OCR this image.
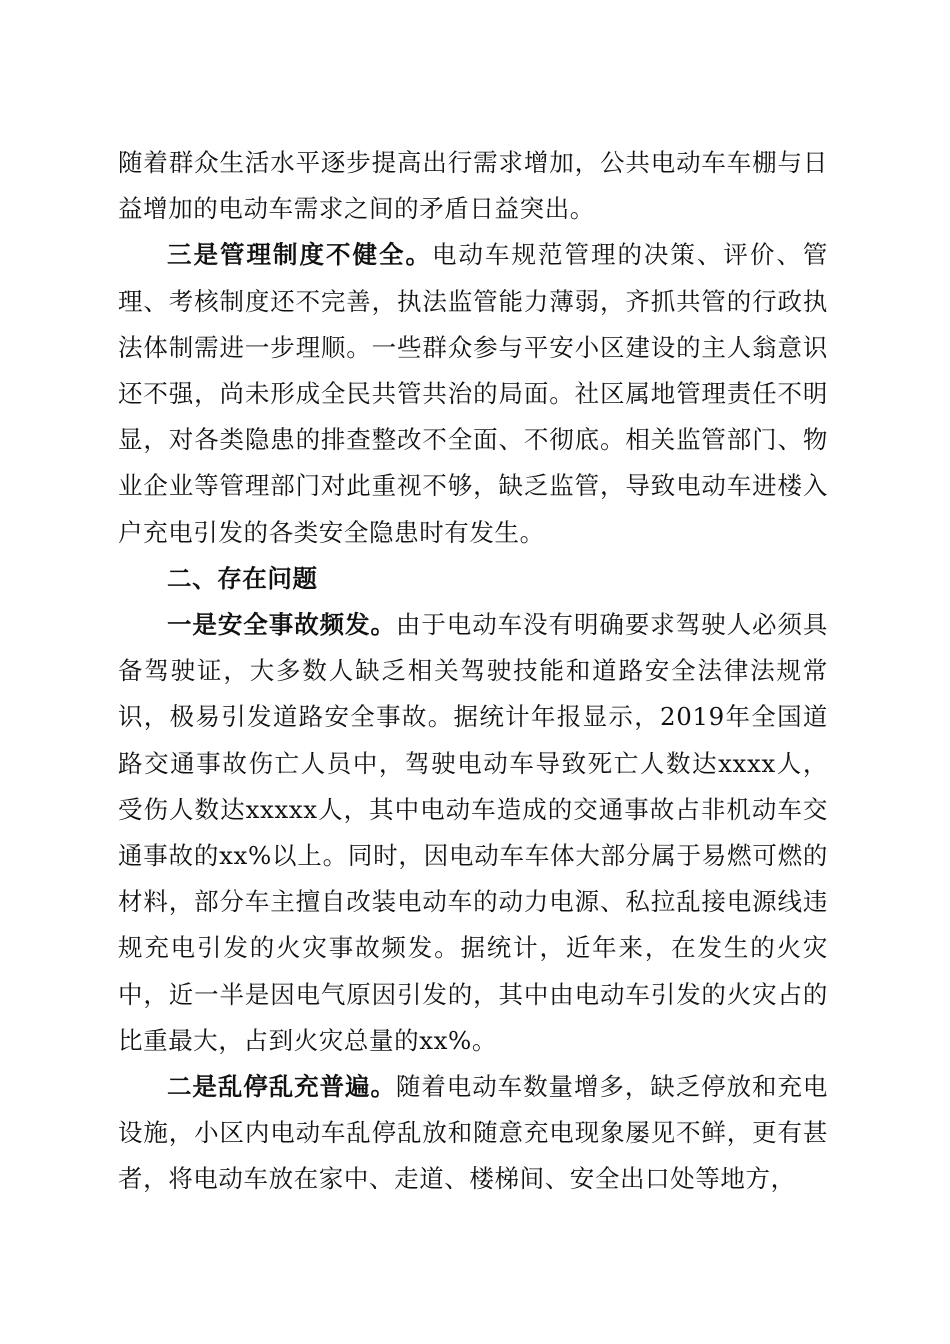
随着群众生活水平逐步提高出行需求增加，公共电动车车棚与日益增加的电动车需求之间的矛盾日益突出。

三是管理制度不健全。电动车规范管理的决策、评价、管理、考核制度还不完善，执法监管能力薄弱，齐抓共管的行政执法体制需进一步理顺。一些群众参与平安小区建设的主人翁意识还不强，尚未形成全民共管共治的局面。社区属地管理责任不明显，对各类隐患的排查整改不全面、不彻底。相关监管部门、物业企业等管理部门对此重视不够，缺乏监管，导致电动车进楼入户充电引发的各类安全隐患时有发生。

二、存在问题

一是安全事故频发。由于电动车没有明确要求驾驶人必须具备驾驶证，大多数人缺乏相关驾驶技能和道路安全法律法规常识，极易引发道路安全事故。据统计年报显示，2019年全国道路交通事故伤亡人员中，驾驶电动车导致死亡人数达xxxx人，受伤人数达xxxxx人，其中电动车造成的交通事故占非机动车交通事故的xx%以上。同时，因电动车车体大部分属于易燃可燃的材料，部分车主擅自改装电动车的动力电源、私拉乱接电源线违规充电引发的火灾事故频发。据统计，近年来，在发生的火灾中，近一半是因电气原因引发的，其中由电动车引发的火灾占的比重最大，占到火灾总量的xx%。

二是乱停乱充普遍。随着电动车数量增多，缺乏停放和充电设施，小区内电动车乱停乱放和随意充电现象屡见不鲜，更有甚者，将电动车放在家中、走道、楼梯间、安全出口处等地方，
